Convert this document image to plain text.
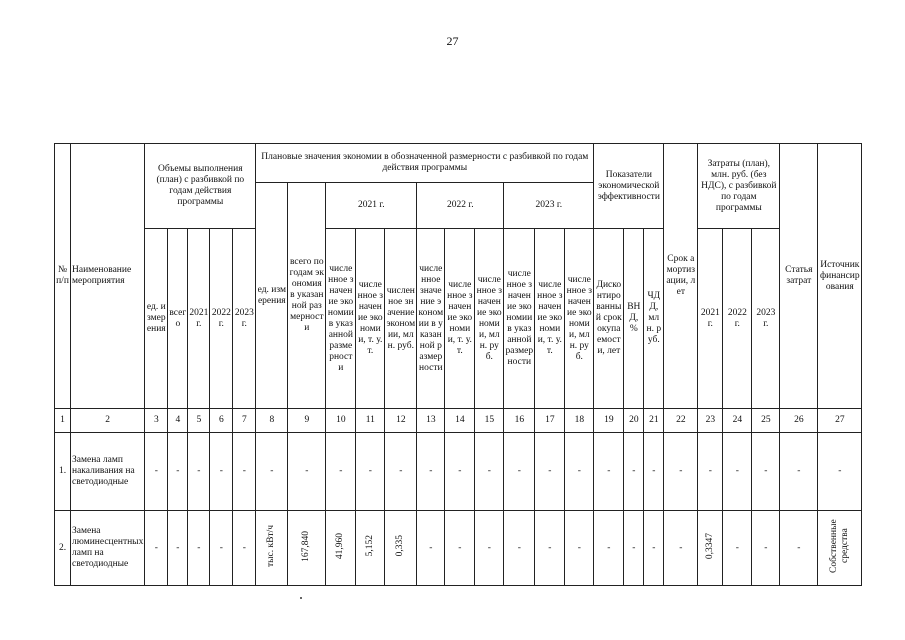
27
№ п/п	Наименование мероприятия	Объемы выполнения (план) с разбивкой по годам действия программы					Плановые значения экономии в обозначенной размерности с разбивкой по годам действия программы											Показатели экономической эффективности			Срок амортизации, лет	Затраты (план), млн. руб. (без НДС), с разбивкой по годам программы			Статья затрат	Источник финансирования
							ед. измерения	всего по годам экономия в указанной размерности	2021 г.			2022 г.			2023 г.											
		ед. измерения	всего	2021 г.	2022 г.	2023 г.			численное значение экономии в указанной размерности	численное значение экономии, т. у. т.	численное значение экономии, млн. руб.	численное значение экономии в указанной размерности	численное значение экономии, т. у. т.	численное значение экономии, млн. руб.	численное значение экономии в указанной размерности	численное значение экономии, т. у. т.	численное значение экономии, млн. руб.	Дисконтированный срок окупаемости, лет	ВНД, %	ЧДД, млн. руб.		2021 г.	2022 г.	2023 г.		
1	2	3	4	5	6	7	8	9	10	11	12	13	14	15	16	17	18	19	20	21	22	23	24	25	26	27
1.	Замена ламп накаливания на светодиодные	-	-	-	-	-	-	-	-	-	-	-	-	-	-	-	-	-	-	-	-	-	-	-	-	-
2.	Замена люминесцентных ламп на светодиодные	-	-	-	-	-	тыс. кВт/ч	167,840	41,960	5,152	0,335	-	-	-	-	-	-	-	-	-	-	0,3347	-	-	-	Собственные средства
